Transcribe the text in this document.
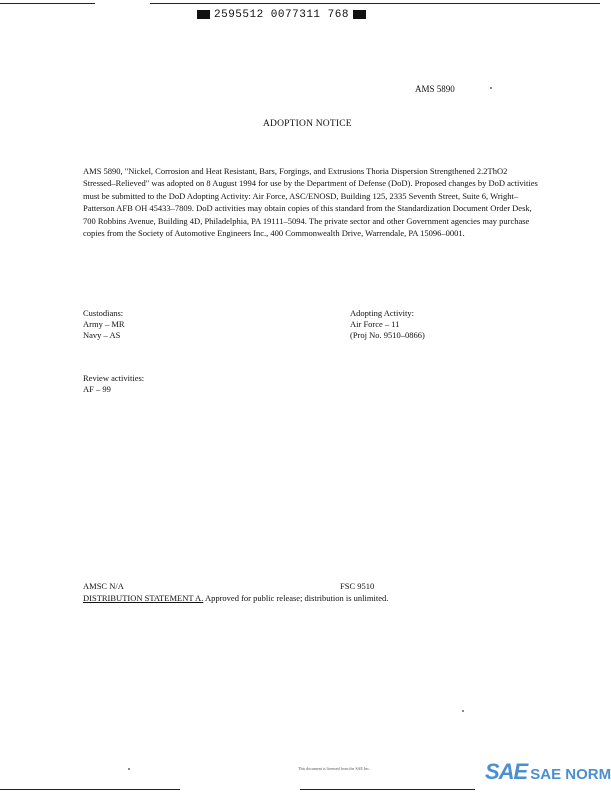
2595512 0077311 768
AMS 5890
ADOPTION NOTICE

AMS 5890, "Nickel, Corrosion and Heat Resistant, Bars, Forgings, and Extrusions Thoria Dispersion Strengthened 2.2ThO2 Stressed–Relieved" was adopted on 8 August 1994 for use by the Department of Defense (DoD). Proposed changes by DoD activities must be submitted to the DoD Adopting Activity: Air Force, ASC/ENOSD, Building 125, 2335 Seventh Street, Suite 6, Wright–Patterson AFB OH 45433–7809. DoD activities may obtain copies of this standard from the Standardization Document Order Desk, 700 Robbins Avenue, Building 4D, Philadelphia, PA 19111–5094. The private sector and other Government agencies may purchase copies from the Society of Automotive Engineers Inc., 400 Commonwealth Drive, Warrendale, PA 15096–0001.

Custodians:
Army – MR
Navy – AS
Adopting Activity:
Air Force – 11
(Proj No. 9510–0866)
Review activities:
AF – 99
AMSC N/A	FSC 9510
DISTRIBUTION STATEMENT A. Approved for public release; distribution is unlimited.
This document is licensed from the SAE Inc.	SAE SAE NORM
